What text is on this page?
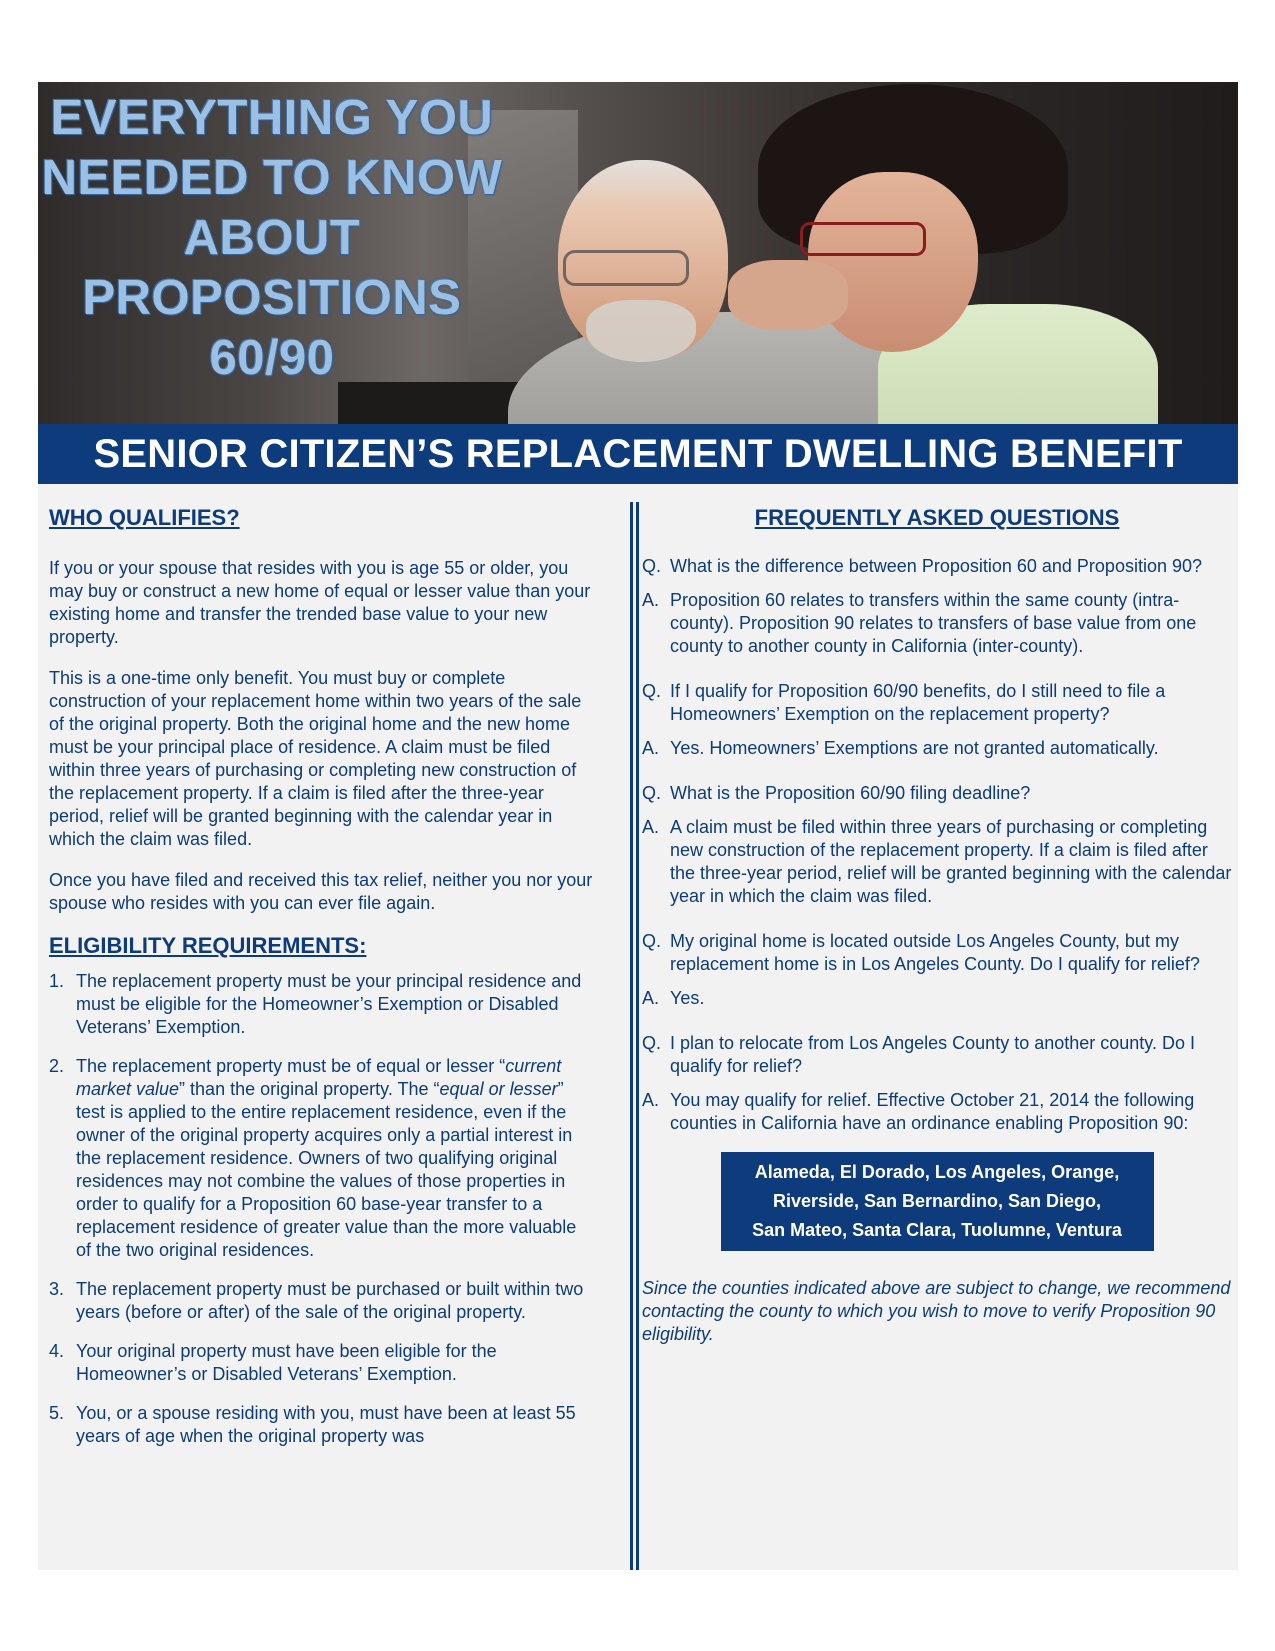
EVERYTHING YOU NEEDED TO KNOW ABOUT PROPOSITIONS 60/90

SENIOR CITIZEN’S REPLACEMENT DWELLING BENEFIT

WHO QUALIFIES?

If you or your spouse that resides with you is age 55 or older, you may buy or construct a new home of equal or lesser value than your existing home and transfer the trended base value to your new property.

This is a one-time only benefit. You must buy or complete construction of your replacement home within two years of the sale of the original property. Both the original home and the new home must be your principal place of residence. A claim must be filed within three years of purchasing or completing new construction of the replacement property. If a claim is filed after the three-year period, relief will be granted beginning with the calendar year in which the claim was filed.

Once you have filed and received this tax relief, neither you nor your spouse who resides with you can ever file again.

ELIGIBILITY REQUIREMENTS:
1. The replacement property must be your principal residence and must be eligible for the Homeowner’s Exemption or Disabled Veterans’ Exemption.
2. The replacement property must be of equal or lesser “current market value” than the original property. The “equal or lesser” test is applied to the entire replacement residence, even if the owner of the original property acquires only a partial interest in the replacement residence. Owners of two qualifying original residences may not combine the values of those properties in order to qualify for a Proposition 60 base-year transfer to a replacement residence of greater value than the more valuable of the two original residences.
3. The replacement property must be purchased or built within two years (before or after) of the sale of the original property.
4. Your original property must have been eligible for the Homeowner’s or Disabled Veterans’ Exemption.
5. You, or a spouse residing with you, must have been at least 55 years of age when the original property was
FREQUENTLY ASKED QUESTIONS

Q. What is the difference between Proposition 60 and Proposition 90?

A. Proposition 60 relates to transfers within the same county (intra-county). Proposition 90 relates to transfers of base value from one county to another county in California (inter-county).

Q. If I qualify for Proposition 60/90 benefits, do I still need to file a Homeowners’ Exemption on the replacement property?

A. Yes. Homeowners’ Exemptions are not granted automatically.

Q. What is the Proposition 60/90 filing deadline?

A. A claim must be filed within three years of purchasing or completing new construction of the replacement property. If a claim is filed after the three-year period, relief will be granted beginning with the calendar year in which the claim was filed.

Q. My original home is located outside Los Angeles County, but my replacement home is in Los Angeles County. Do I qualify for relief?

A. Yes.

Q. I plan to relocate from Los Angeles County to another county. Do I qualify for relief?

A. You may qualify for relief. Effective October 21, 2014 the following counties in California have an ordinance enabling Proposition 90:

Alameda, El Dorado, Los Angeles, Orange,
Riverside, San Bernardino, San Diego,
San Mateo, Santa Clara, Tuolumne, Ventura

Since the counties indicated above are subject to change, we recommend contacting the county to which you wish to move to verify Proposition 90 eligibility.
